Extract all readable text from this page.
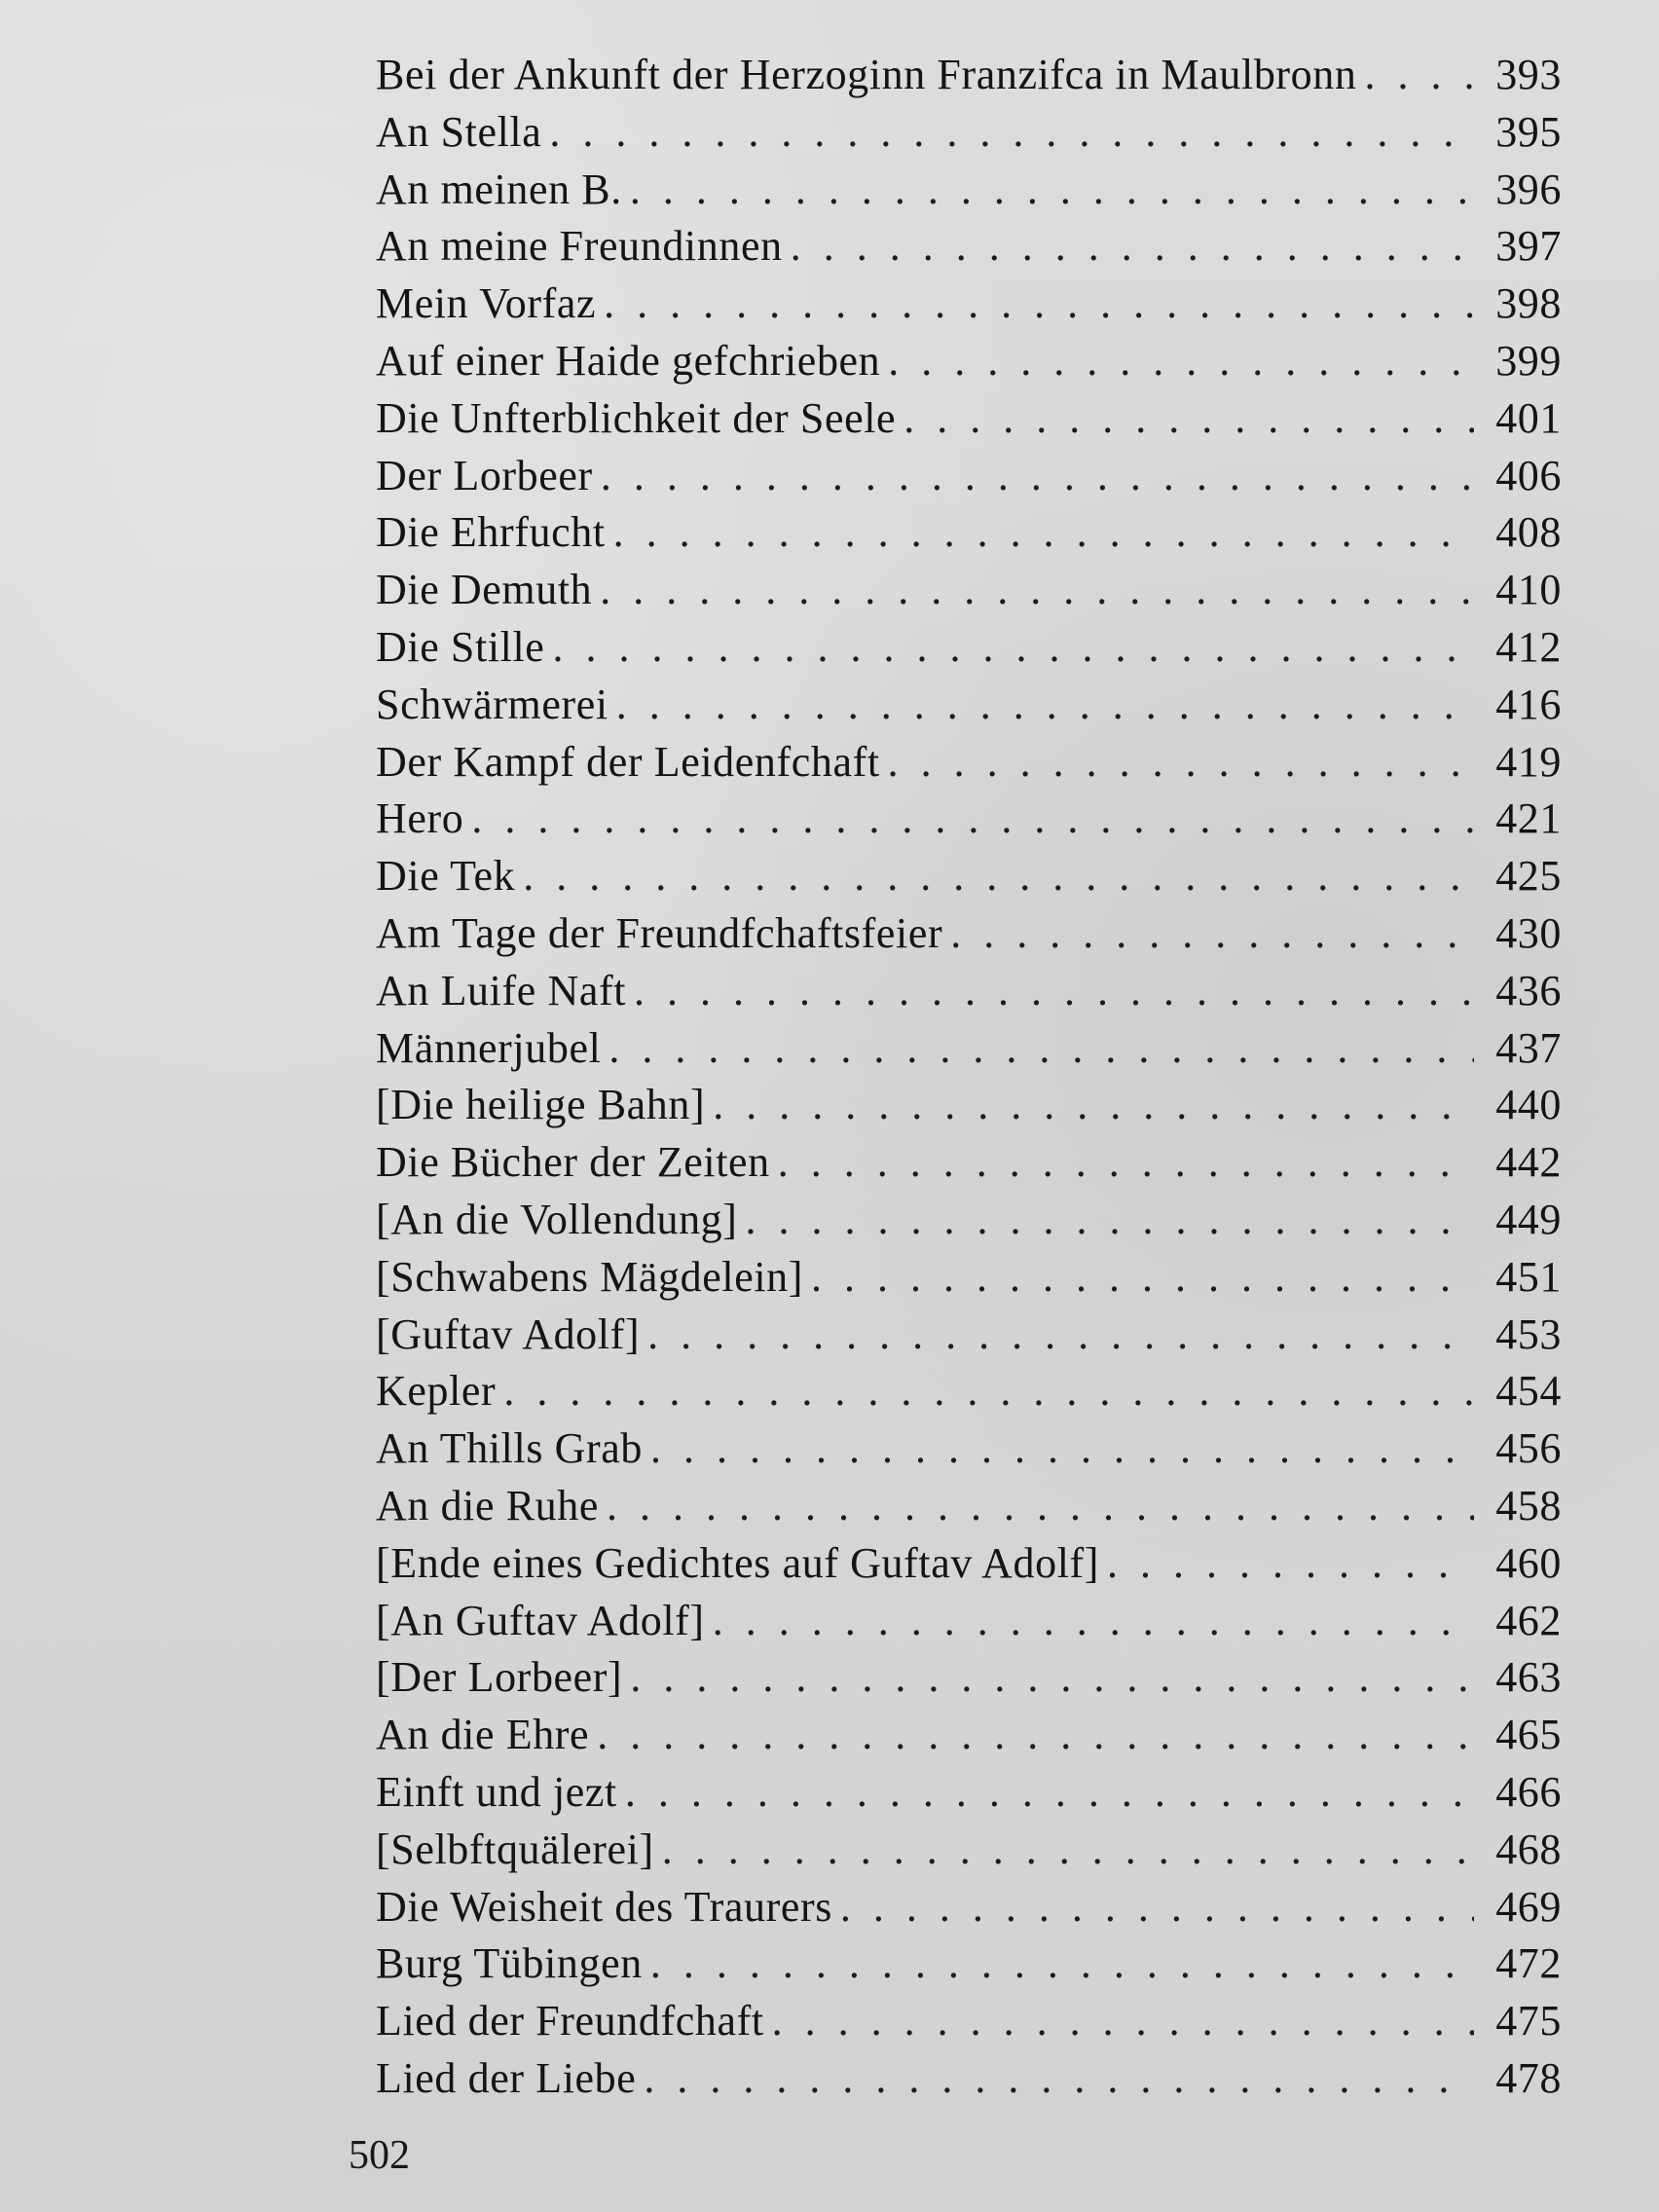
Bei der Ankunft der Herzoginn Franzifca in Maulbronn . . .	393
An Stella . . .	395
An meinen B. . . .	396
An meine Freundinnen . . .	397
Mein Vorfaz . . .	398
Auf einer Haide gefchrieben . . .	399
Die Unfterblichkeit der Seele . . .	401
Der Lorbeer . . .	406
Die Ehrfucht . . .	408
Die Demuth . . .	410
Die Stille . . .	412
Schwärmerei . . .	416
Der Kampf der Leidenfchaft . . .	419
Hero . . .	421
Die Tek . . .	425
Am Tage der Freundfchaftsfeier . . .	430
An Luife Naft . . .	436
Männerjubel . . .	437
[Die heilige Bahn] . . .	440
Die Bücher der Zeiten . . .	442
[An die Vollendung] . . .	449
[Schwabens Mägdelein] . . .	451
[Guftav Adolf] . . .	453
Kepler . . .	454
An Thills Grab . . .	456
An die Ruhe . . .	458
[Ende eines Gedichtes auf Guftav Adolf] . . .	460
[An Guftav Adolf] . . .	462
[Der Lorbeer] . . .	463
An die Ehre . . .	465
Einft und jezt . . .	466
[Selbftquälerei] . . .	468
Die Weisheit des Traurers . . .	469
Burg Tübingen . . .	472
Lied der Freundfchaft . . .	475
Lied der Liebe . . .	478
502
